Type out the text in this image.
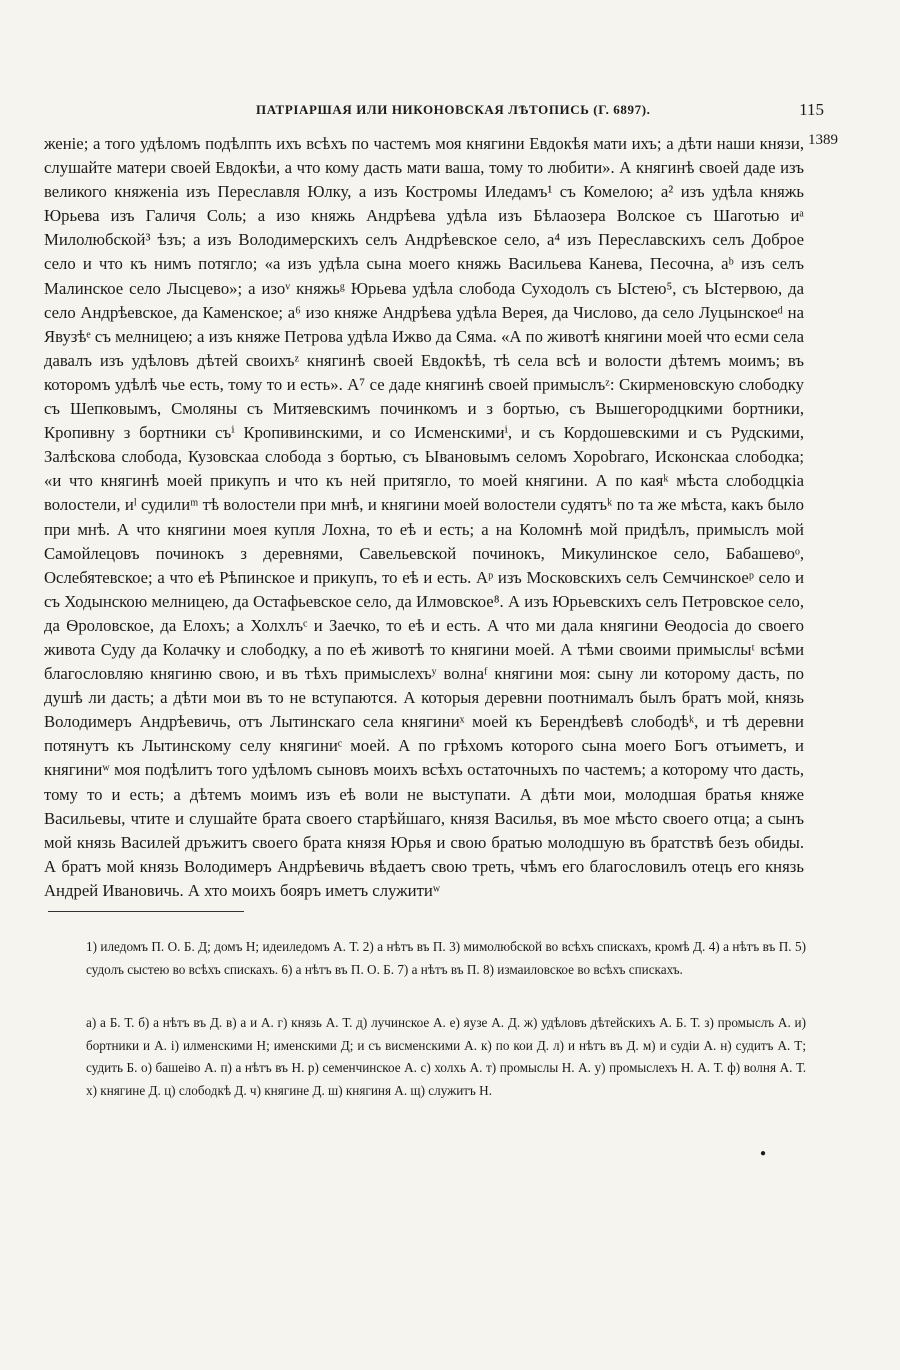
ПАТРIАРШАЯ ИЛИ НИКОНОВСКАЯ ЛѢТОПИСЬ (Г. 6897).	115
1389

женіе; а того удѣломъ подѣлпть ихъ всѣхъ по частемъ моя княгини Евдокѣя мати ихъ; а дѣти наши князи, слушайте матери своей Евдокѣи, а что кому дасть мати ваша, тому то любити». А княгинѣ своей даде изъ великого княженіа изъ Переславля Юлку, а изъ Костромы Иледамъ¹ съ Комелою; а² изъ удѣла княжь Юрьева изъ Галичя Соль; а изо княжь Андрѣева удѣла изъ Бѣлаозера Волское съ Шаготью иᵃ Милолюбской³ ѣзъ; а изъ Володимерскихъ селъ Андрѣевское село, а⁴ изъ Переславскихъ селъ Доброе село и что къ нимъ потягло; «а изъ удѣла сына моего княжь Васильева Канева, Песочна, аᵇ изъ селъ Малинское село Лысцево»; а изоᵛ княжьᵍ Юрьева удѣла слобода Суходолъ съ Ыстею⁵, съ Ыстервою, да село Андрѣевское, да Каменское; а⁶ изо княже Андрѣева удѣла Верея, да Числово, да село Луцынскоеᵈ на Явузѣᵉ съ мелницею; а изъ княже Петрова удѣла Ижво да Сяма. «А по животѣ княгини моей что есми села давалъ изъ удѣловъ дѣтей своихъᶻ княгинѣ своей Евдокѣѣ, тѣ села всѣ и волости дѣтемъ моимъ; въ которомъ удѣлѣ чье есть, тому то и есть». А⁷ се даде княгинѣ своей примыслъᶻ: Скирменовскую слободку съ Шепковымъ, Смоляны съ Митяевскимъ починкомъ и з бортью, съ Вышегородцкими бортники, Кропивну з бортники съⁱ Кропивинскими, и со Исменскимиⁱ, и съ Кордошевскими и съ Рудскими, Залѣскова слобода, Кузовскаа слобода з бортью, съ Ывановымъ селомъ Хорobraго, Исконскаа слободка; «и что княгинѣ моей прикупъ и что къ ней притягло, то моей княгини. А по каяᵏ мѣста слободцкіа волостели, иˡ судилиᵐ тѣ волостели при мнѣ, и княгини моей волостели судятъᵏ по та же мѣста, какъ было при мнѣ. А что княгини моея купля Лохна, то еѣ и есть; а на Коломнѣ мой придѣлъ, примыслъ мой Самойлецовъ починокъ з деревнями, Савельевской починокъ, Микулинское село, Бабашевоᵒ, Ослебятевское; а что еѣ Рѣпинское и прикупъ, то еѣ и есть. Аᵖ изъ Московскихъ селъ Семчинскоеᵖ село и съ Ходынскою мелницею, да Остафьевское село, да Илмовское⁸. А изъ Юрьевскихъ селъ Петровское село, да Ѳроловское, да Елохъ; а Холхлъᶜ и Заечко, то еѣ и есть. А что ми дала княгини Ѳеодосіа до своего живота Суду да Колачку и слободку, а по еѣ животѣ то княгини моей. А тѣми своими примыслыᵗ всѣми благословляю княгиню свою, и въ тѣхъ примыслехъʸ волнаᶠ княгини моя: сыну ли которому дасть, по душѣ ли дасть; а дѣти мои въ то не вступаются. А которыя деревни поотнималъ былъ братъ мой, князь Володимеръ Андрѣевичь, отъ Лытинскаго села княгиниˣ моей къ Берендѣевѣ слободѣᵏ, и тѣ деревни потянутъ къ Лытинскому селу княгиниᶜ моей. А по грѣхомъ которого сына моего Богъ отъиметъ, и княгиниʷ моя подѣлитъ того удѣломъ сыновъ моихъ всѣхъ остаточныхъ по частемъ; а которому что дасть, тому то и есть; а дѣтемъ моимъ изъ еѣ воли не выступати. А дѣти мои, молодшая братья княже Васильевы, чтите и слушайте брата своего старѣйшаго, князя Василья, въ мое мѣсто своего отца; а сынъ мой князь Василей дръжитъ своего брата князя Юрья и свою братью молодшую въ братствѣ безъ обиды. А братъ мой князь Володимеръ Андрѣевичь вѣдаетъ свою треть, чѣмъ его благословилъ отецъ его князь Андрей Ивановичь. А хто моихъ бояръ иметъ служитиʷ

1) иледомъ П. О. Б. Д; домъ Н; идеиледомъ А. Т. 2) а нѣтъ въ П. 3) мимолюбской во всѣхъ спискахъ, кромѣ Д. 4) а нѣтъ въ П. 5) судолъ сыстею во всѣхъ спискахъ. 6) а нѣтъ въ П. О. Б. 7) а нѣтъ въ П. 8) измаиловское во всѣхъ спискахъ.

а) а Б. Т. б) а нѣтъ въ Д. в) а и А. г) князь А. Т. д) лучинское А. е) яузе А. Д. ж) удѣловъ дѣтейскихъ А. Б. Т. з) промыслъ А. и) бортники и А. і) илменскими Н; именскими Д; и съ висменскими А. к) по кои Д. л) и нѣтъ въ Д. м) и судіи А. н) судитъ А. Т; судить Б. о) башеіво А. п) а нѣтъ въ Н. р) семенчинское А. с) холхь А. т) промыслы Н. А. у) промыслехъ Н. А. Т. ф) волня А. Т. х) княгине Д. ц) слободкѣ Д. ч) княгине Д. ш) княгиня А. щ) служитъ Н.

●
